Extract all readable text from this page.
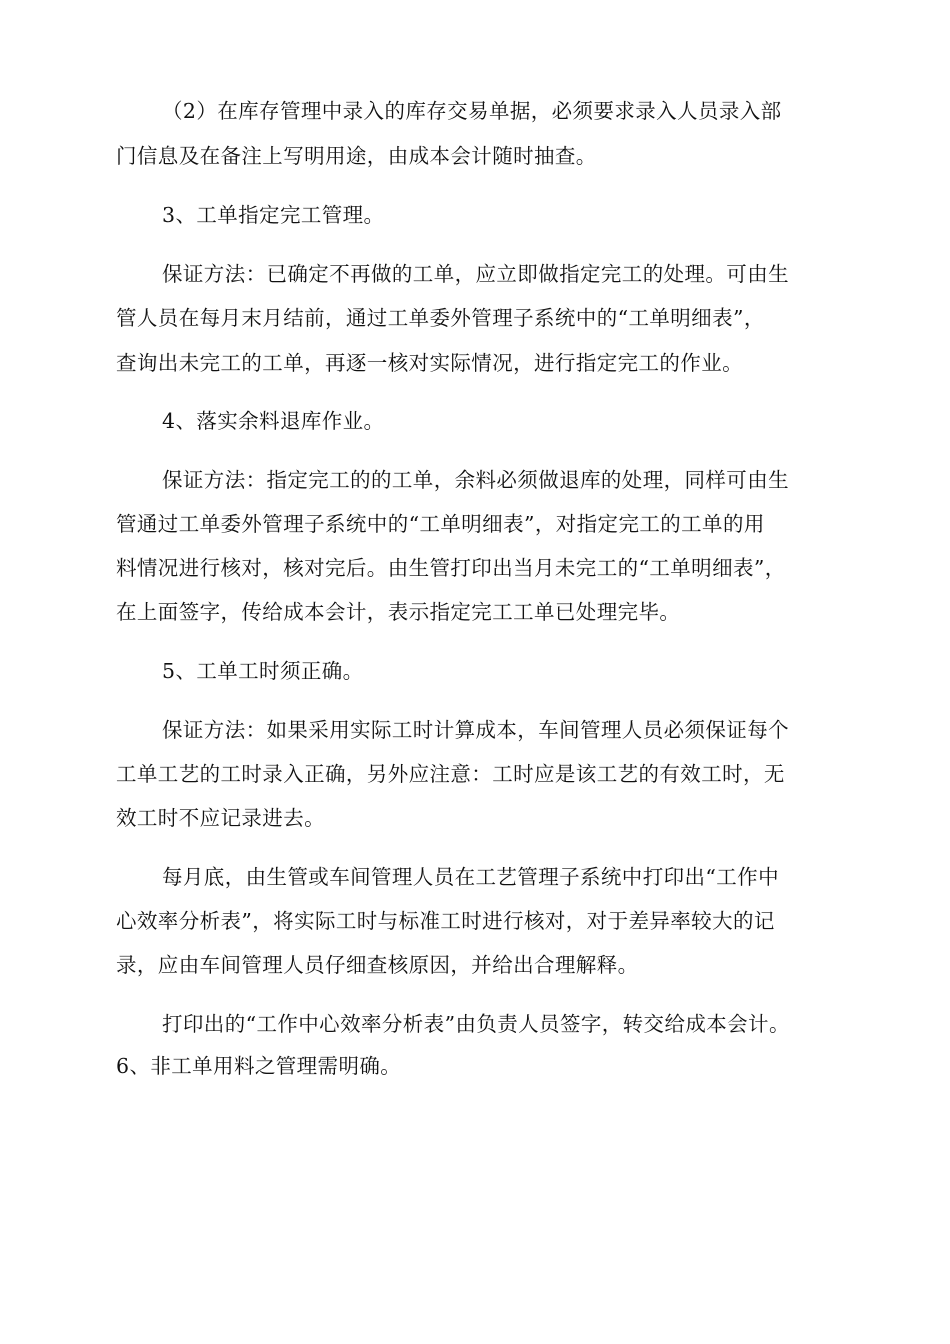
（2）在库存管理中录入的库存交易单据，必须要求录入人员录入部
门信息及在备注上写明用途，由成本会计随时抽查。
3、工单指定完工管理。
保证方法：已确定不再做的工单，应立即做指定完工的处理。可由生
管人员在每月末月结前，通过工单委外管理子系统中的“工单明细表”，
查询出未完工的工单，再逐一核对实际情况，进行指定完工的作业。
4、落实余料退库作业。
保证方法：指定完工的的工单，余料必须做退库的处理，同样可由生
管通过工单委外管理子系统中的“工单明细表”，对指定完工的工单的用
料情况进行核对，核对完后。由生管打印出当月未完工的“工单明细表”，
在上面签字，传给成本会计，表示指定完工工单已处理完毕。
5、工单工时须正确。
保证方法：如果采用实际工时计算成本，车间管理人员必须保证每个
工单工艺的工时录入正确，另外应注意：工时应是该工艺的有效工时，无
效工时不应记录进去。
每月底，由生管或车间管理人员在工艺管理子系统中打印出“工作中
心效率分析表”，将实际工时与标准工时进行核对，对于差异率较大的记
录，应由车间管理人员仔细查核原因，并给出合理解释。
打印出的“工作中心效率分析表”由负责人员签字，转交给成本会计。
6、非工单用料之管理需明确。
